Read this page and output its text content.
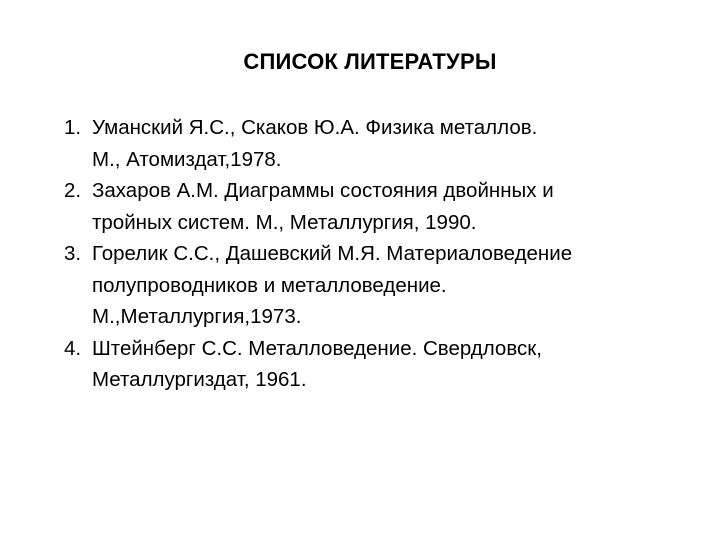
СПИСОК ЛИТЕРАТУРЫ
1. Уманский Я.С., Скаков Ю.А. Физика металлов.
М., Атомиздат,1978.
2. Захаров А.М. Диаграммы состояния двойнных и
тройных систем. М., Металлургия, 1990.
3. Горелик С.С., Дашевский М.Я. Материаловедение
полупроводников и металловедение.
М.,Металлургия,1973.
4. Штейнберг С.С. Металловедение. Свердловск,
Металлургиздат, 1961.
